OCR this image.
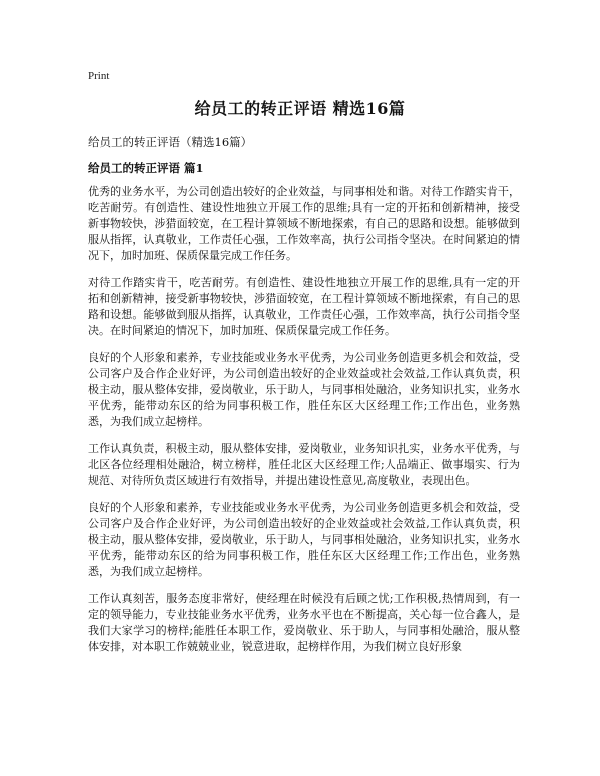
Print
给员工的转正评语 精选16篇
给员工的转正评语（精选16篇）
给员工的转正评语 篇1

优秀的业务水平，为公司创造出较好的企业效益，与同事相处和谐。对待工作踏实肯干，吃苦耐劳。有创造性、建设性地独立开展工作的思维;具有一定的开拓和创新精神，接受新事物较快，涉猎面较宽，在工程计算领域不断地探索，有自己的思路和设想。能够做到服从指挥，认真敬业，工作责任心强，工作效率高，执行公司指令坚决。在时间紧迫的情况下，加时加班、保质保量完成工作任务。

对待工作踏实肯干，吃苦耐劳。有创造性、建设性地独立开展工作的思维,具有一定的开拓和创新精神，接受新事物较快，涉猎面较宽，在工程计算领域不断地探索，有自己的思路和设想。能够做到服从指挥，认真敬业，工作责任心强，工作效率高，执行公司指令坚决。在时间紧迫的情况下，加时加班、保质保量完成工作任务。

良好的个人形象和素养，专业技能或业务水平优秀，为公司业务创造更多机会和效益，受公司客户及合作企业好评，为公司创造出较好的企业效益或社会效益,工作认真负责，积极主动，服从整体安排，爱岗敬业，乐于助人，与同事相处融洽，业务知识扎实，业务水平优秀，能带动东区的给为同事积极工作，胜任东区大区经理工作;工作出色，业务熟悉，为我们成立起榜样。

工作认真负责，积极主动，服从整体安排，爱岗敬业，业务知识扎实，业务水平优秀，与北区各位经理相处融洽，树立榜样，胜任北区大区经理工作;人品端正、做事塌实、行为规范、对待所负责区域进行有效指导，并提出建设性意见,高度敬业，表现出色。

良好的个人形象和素养，专业技能或业务水平优秀，为公司业务创造更多机会和效益，受公司客户及合作企业好评，为公司创造出较好的企业效益或社会效益,工作认真负责，积极主动，服从整体安排，爱岗敬业，乐于助人，与同事相处融洽，业务知识扎实，业务水平优秀，能带动东区的给为同事积极工作，胜任东区大区经理工作;工作出色，业务熟悉，为我们成立起榜样。

工作认真刻苦，服务态度非常好，使经理在时候没有后顾之忧;工作积极,热情周到，有一定的领导能力，专业技能业务水平优秀，业务水平也在不断提高，关心每一位合鑫人，是我们大家学习的榜样;能胜任本职工作，爱岗敬业、乐于助人，与同事相处融洽，服从整体安排，对本职工作兢兢业业，锐意进取，起榜样作用，为我们树立良好形象
